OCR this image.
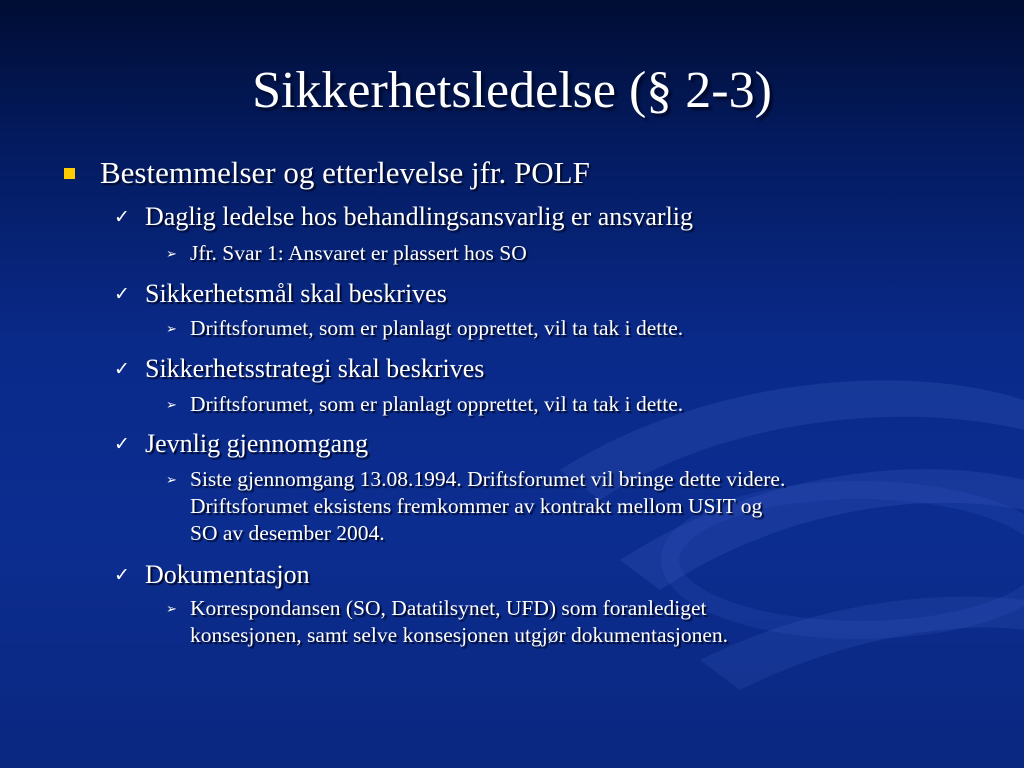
Sikkerhetsledelse (§ 2-3)
Bestemmelser og etterlevelse jfr. POLF
✓ Daglig ledelse hos behandlingsansvarlig er ansvarlig
➢ Jfr. Svar 1: Ansvaret er plassert hos SO
✓ Sikkerhetsmål skal beskrives
➢ Driftsforumet, som er planlagt opprettet, vil ta tak i dette.
✓ Sikkerhetsstrategi skal beskrives
➢ Driftsforumet, som er planlagt opprettet, vil ta tak i dette.
✓ Jevnlig gjennomgang
➢ Siste gjennomgang 13.08.1994. Driftsforumet vil bringe dette videre.
Driftsforumet eksistens fremkommer av kontrakt mellom USIT og
SO av desember 2004.
✓ Dokumentasjon
➢ Korrespondansen (SO, Datatilsynet, UFD) som foranlediget
konsesjonen, samt selve konsesjonen utgjør dokumentasjonen.
